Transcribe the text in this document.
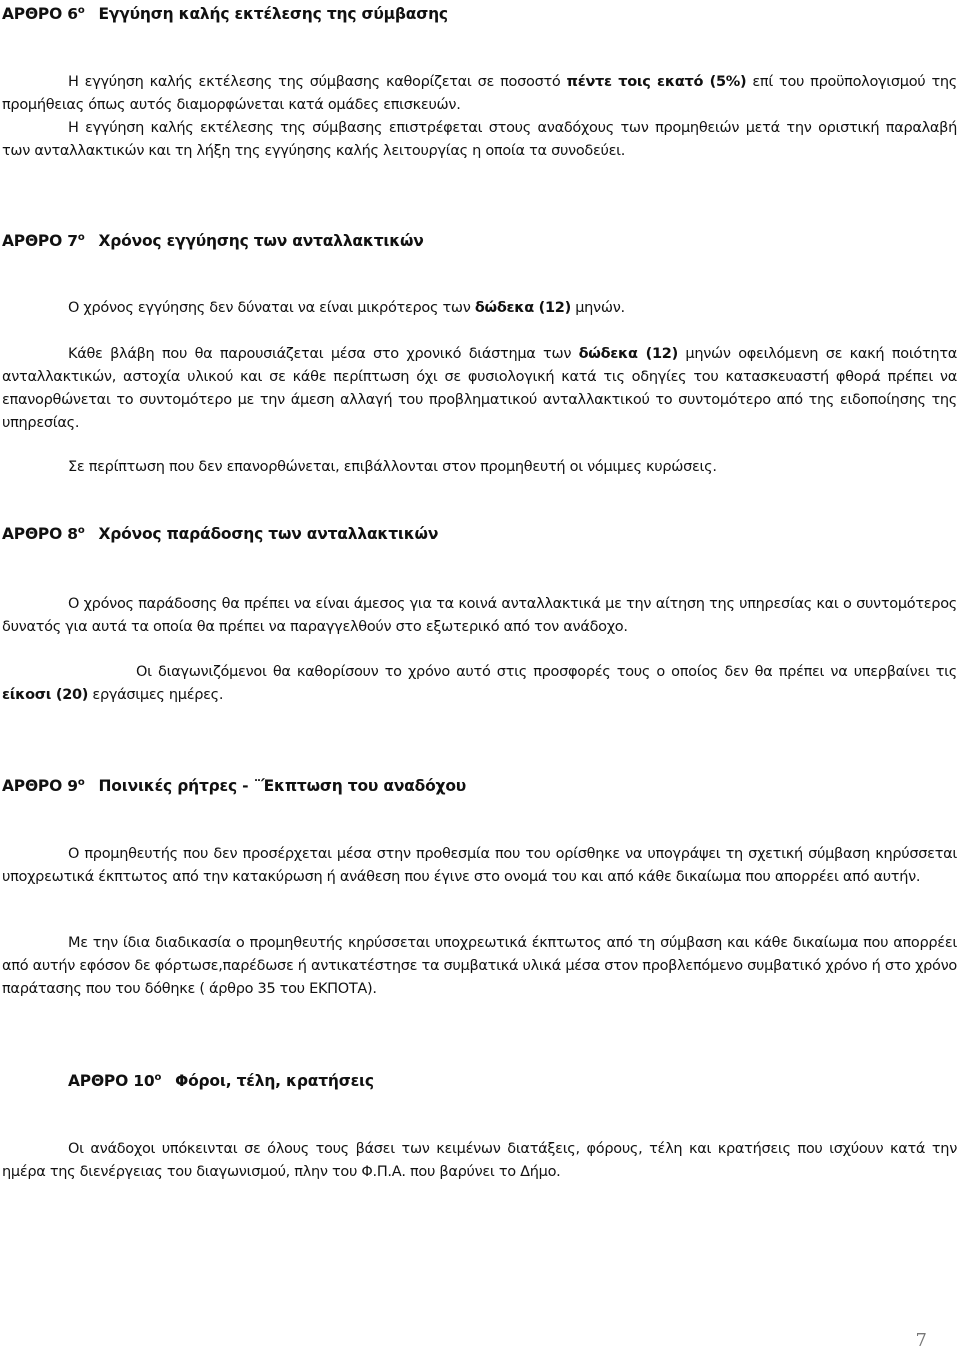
ΑΡΘΡΟ $6^o$ Εγγύηση καλής εκτέλεσης της σύμβασης
Η εγγύηση καλής εκτέλεσης της σύμβασης καθορίζεται σε ποσοστό πέντε τοις εκατό (5%) επί του προϋπολογισμού της προμήθειας όπως αυτός διαμορφώνεται κατά ομάδες επισκευών.
Η εγγύηση καλής εκτέλεσης της σύμβασης επιστρέφεται στους αναδόχους των προμηθειών μετά την οριστική παραλαβή των ανταλλακτικών και τη λήξη της εγγύησης καλής λειτουργίας η οποία τα συνοδεύει.
ΑΡΘΡΟ $7^o$ Χρόνος εγγύησης των ανταλλακτικών
Ο χρόνος εγγύησης δεν δύναται να είναι μικρότερος των δώδεκα (12) μηνών.
Κάθε βλάβη που θα παρουσιάζεται μέσα στο χρονικό διάστημα των δώδεκα (12) μηνών οφειλόμενη σε κακή ποιότητα ανταλλακτικών, αστοχία υλικού και σε κάθε περίπτωση όχι σε φυσιολογική κατά τις οδηγίες του κατασκευαστή φθορά πρέπει να επανορθώνεται το συντομότερο με την άμεση αλλαγή του προβληματικού ανταλλακτικού το συντομότερο από της ειδοποίησης της υπηρεσίας.
Σε περίπτωση που δεν επανορθώνεται, επιβάλλονται στον προμηθευτή οι νόμιμες κυρώσεις.
ΑΡΘΡΟ $8^o$ Χρόνος παράδοσης των ανταλλακτικών
Ο χρόνος παράδοσης θα πρέπει να είναι άμεσος για τα κοινά ανταλλακτικά με την αίτηση της υπηρεσίας και ο συντομότερος δυνατός για αυτά τα οποία θα πρέπει να παραγγελθούν στο εξωτερικό από τον ανάδοχο.
Οι διαγωνιζόμενοι θα καθορίσουν το χρόνο αυτό στις προσφορές τους ο οποίος δεν θα πρέπει να υπερβαίνει τις είκοσι (20) εργάσιμες ημέρες.
ΑΡΘΡΟ $9^o$ Ποινικές ρήτρες - ¨Έκπτωση του αναδόχου
Ο προμηθευτής που δεν προσέρχεται μέσα στην προθεσμία που του ορίσθηκε να υπογράψει τη σχετική σύμβαση κηρύσσεται υποχρεωτικά έκπτωτος από την κατακύρωση ή ανάθεση που έγινε στο ονομά του και από κάθε δικαίωμα που απορρέει από αυτήν.
Με την ίδια διαδικασία ο προμηθευτής κηρύσσεται υποχρεωτικά έκπτωτος από τη σύμβαση και κάθε δικαίωμα που απορρέει από αυτήν εφόσον δε φόρτωσε,παρέδωσε ή αντικατέστησε τα συμβατικά υλικά μέσα στον προβλεπόμενο συμβατικό χρόνο ή στο χρόνο παράτασης που του δόθηκε ( άρθρο 35 του ΕΚΠΟΤΑ).
ΑΡΘΡΟ $10^o$ Φόροι, τέλη, κρατήσεις
Οι ανάδοχοι υπόκεινται σε όλους τους βάσει των κειμένων διατάξεις, φόρους, τέλη και κρατήσεις που ισχύουν κατά την ημέρα της διενέργειας του διαγωνισμού, πλην του Φ.Π.Α. που βαρύνει το Δήμο.
7
